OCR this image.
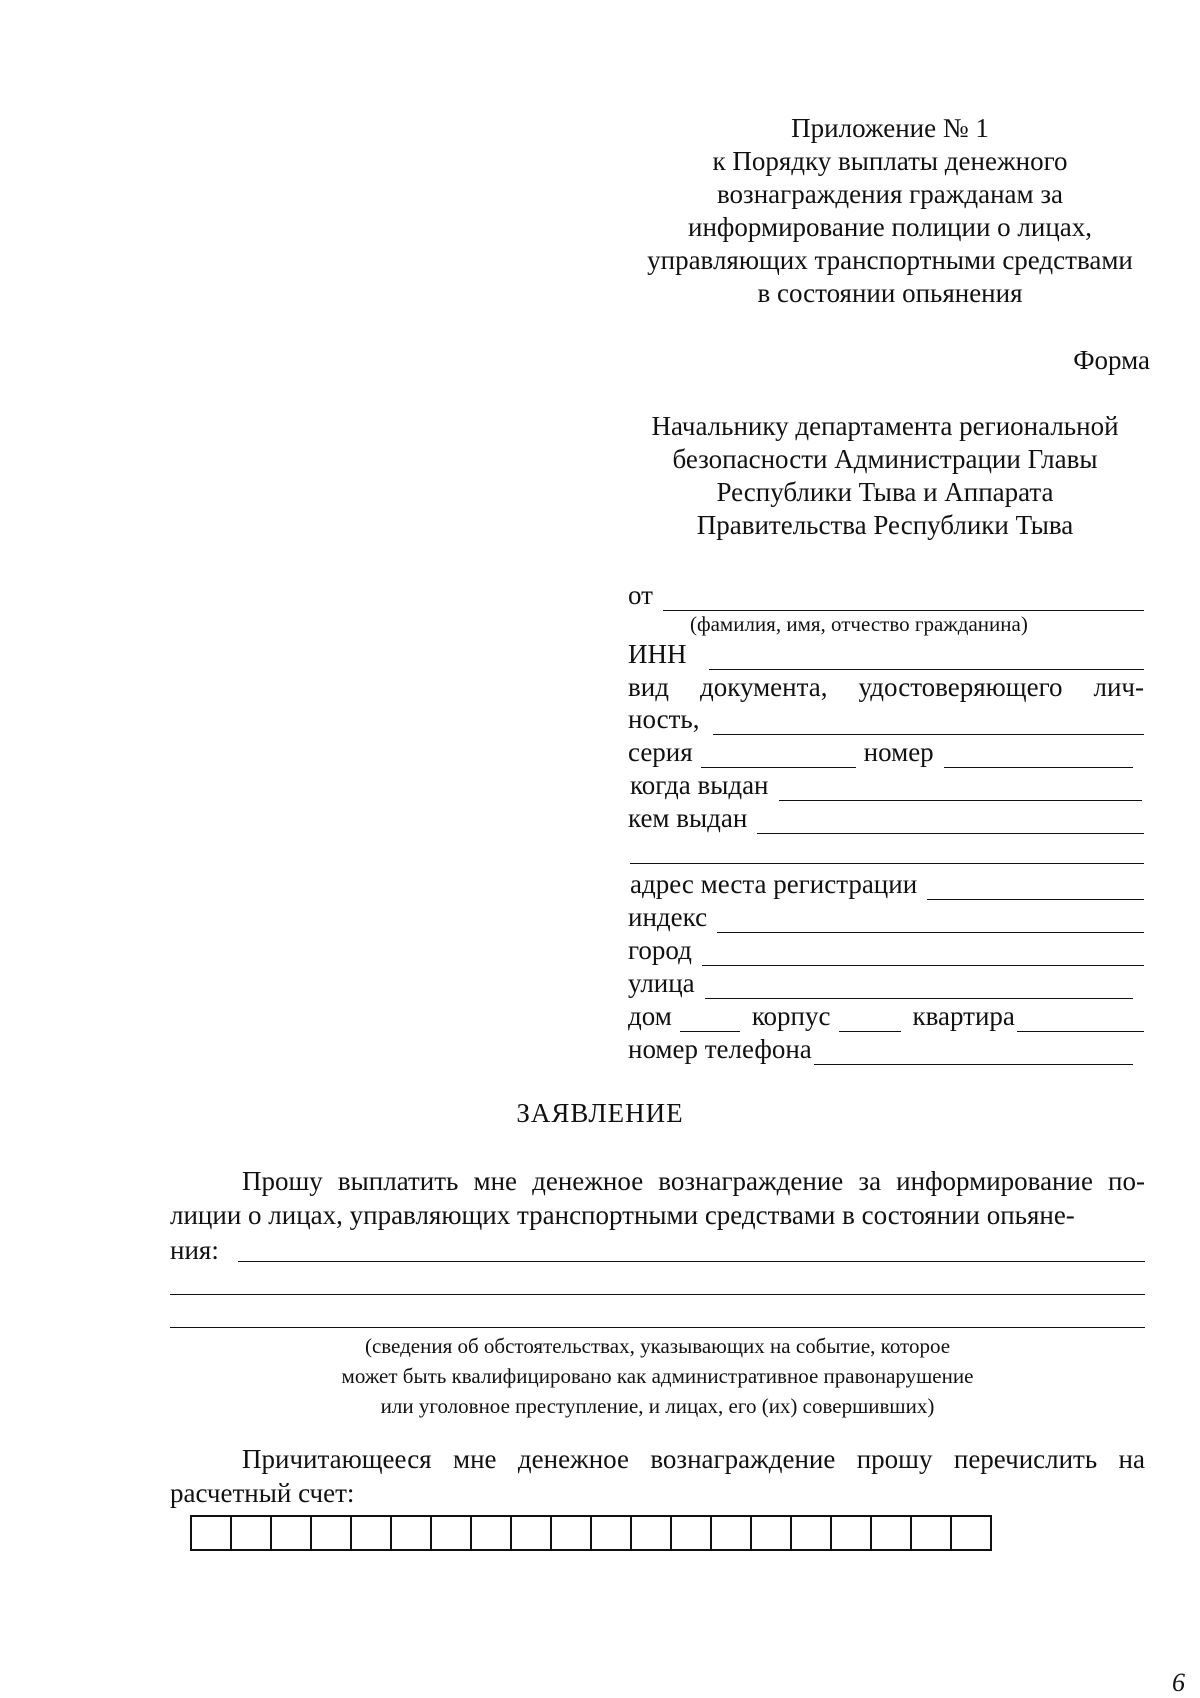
Приложение № 1
к Порядку выплаты денежного
вознаграждения гражданам за
информирование полиции о лицах,
управляющих транспортными средствами
в состоянии опьянения
Форма
Начальнику департамента региональной
безопасности Администрации Главы
Республики Тыва и Аппарата
Правительства Республики Тыва
от
(фамилия, имя, отчество гражданина)
ИНН
вид документа, удостоверяющего лич-
ность,
серия	номер
когда выдан
кем выдан
адрес места регистрации
индекс
город
улица
дом	корпус	квартира
номер телефона
ЗАЯВЛЕНИЕ
Прошу выплатить мне денежное вознаграждение за информирование по-лиции о лицах, управляющих транспортными средствами в состоянии опьяне-
ния:
(сведения об обстоятельствах, указывающих на событие, которое
может быть квалифицировано как административное правонарушение
или уголовное преступление, и лицах, его (их) совершивших)
Причитающееся мне денежное вознаграждение прошу перечислить на
расчетный счет:
6
